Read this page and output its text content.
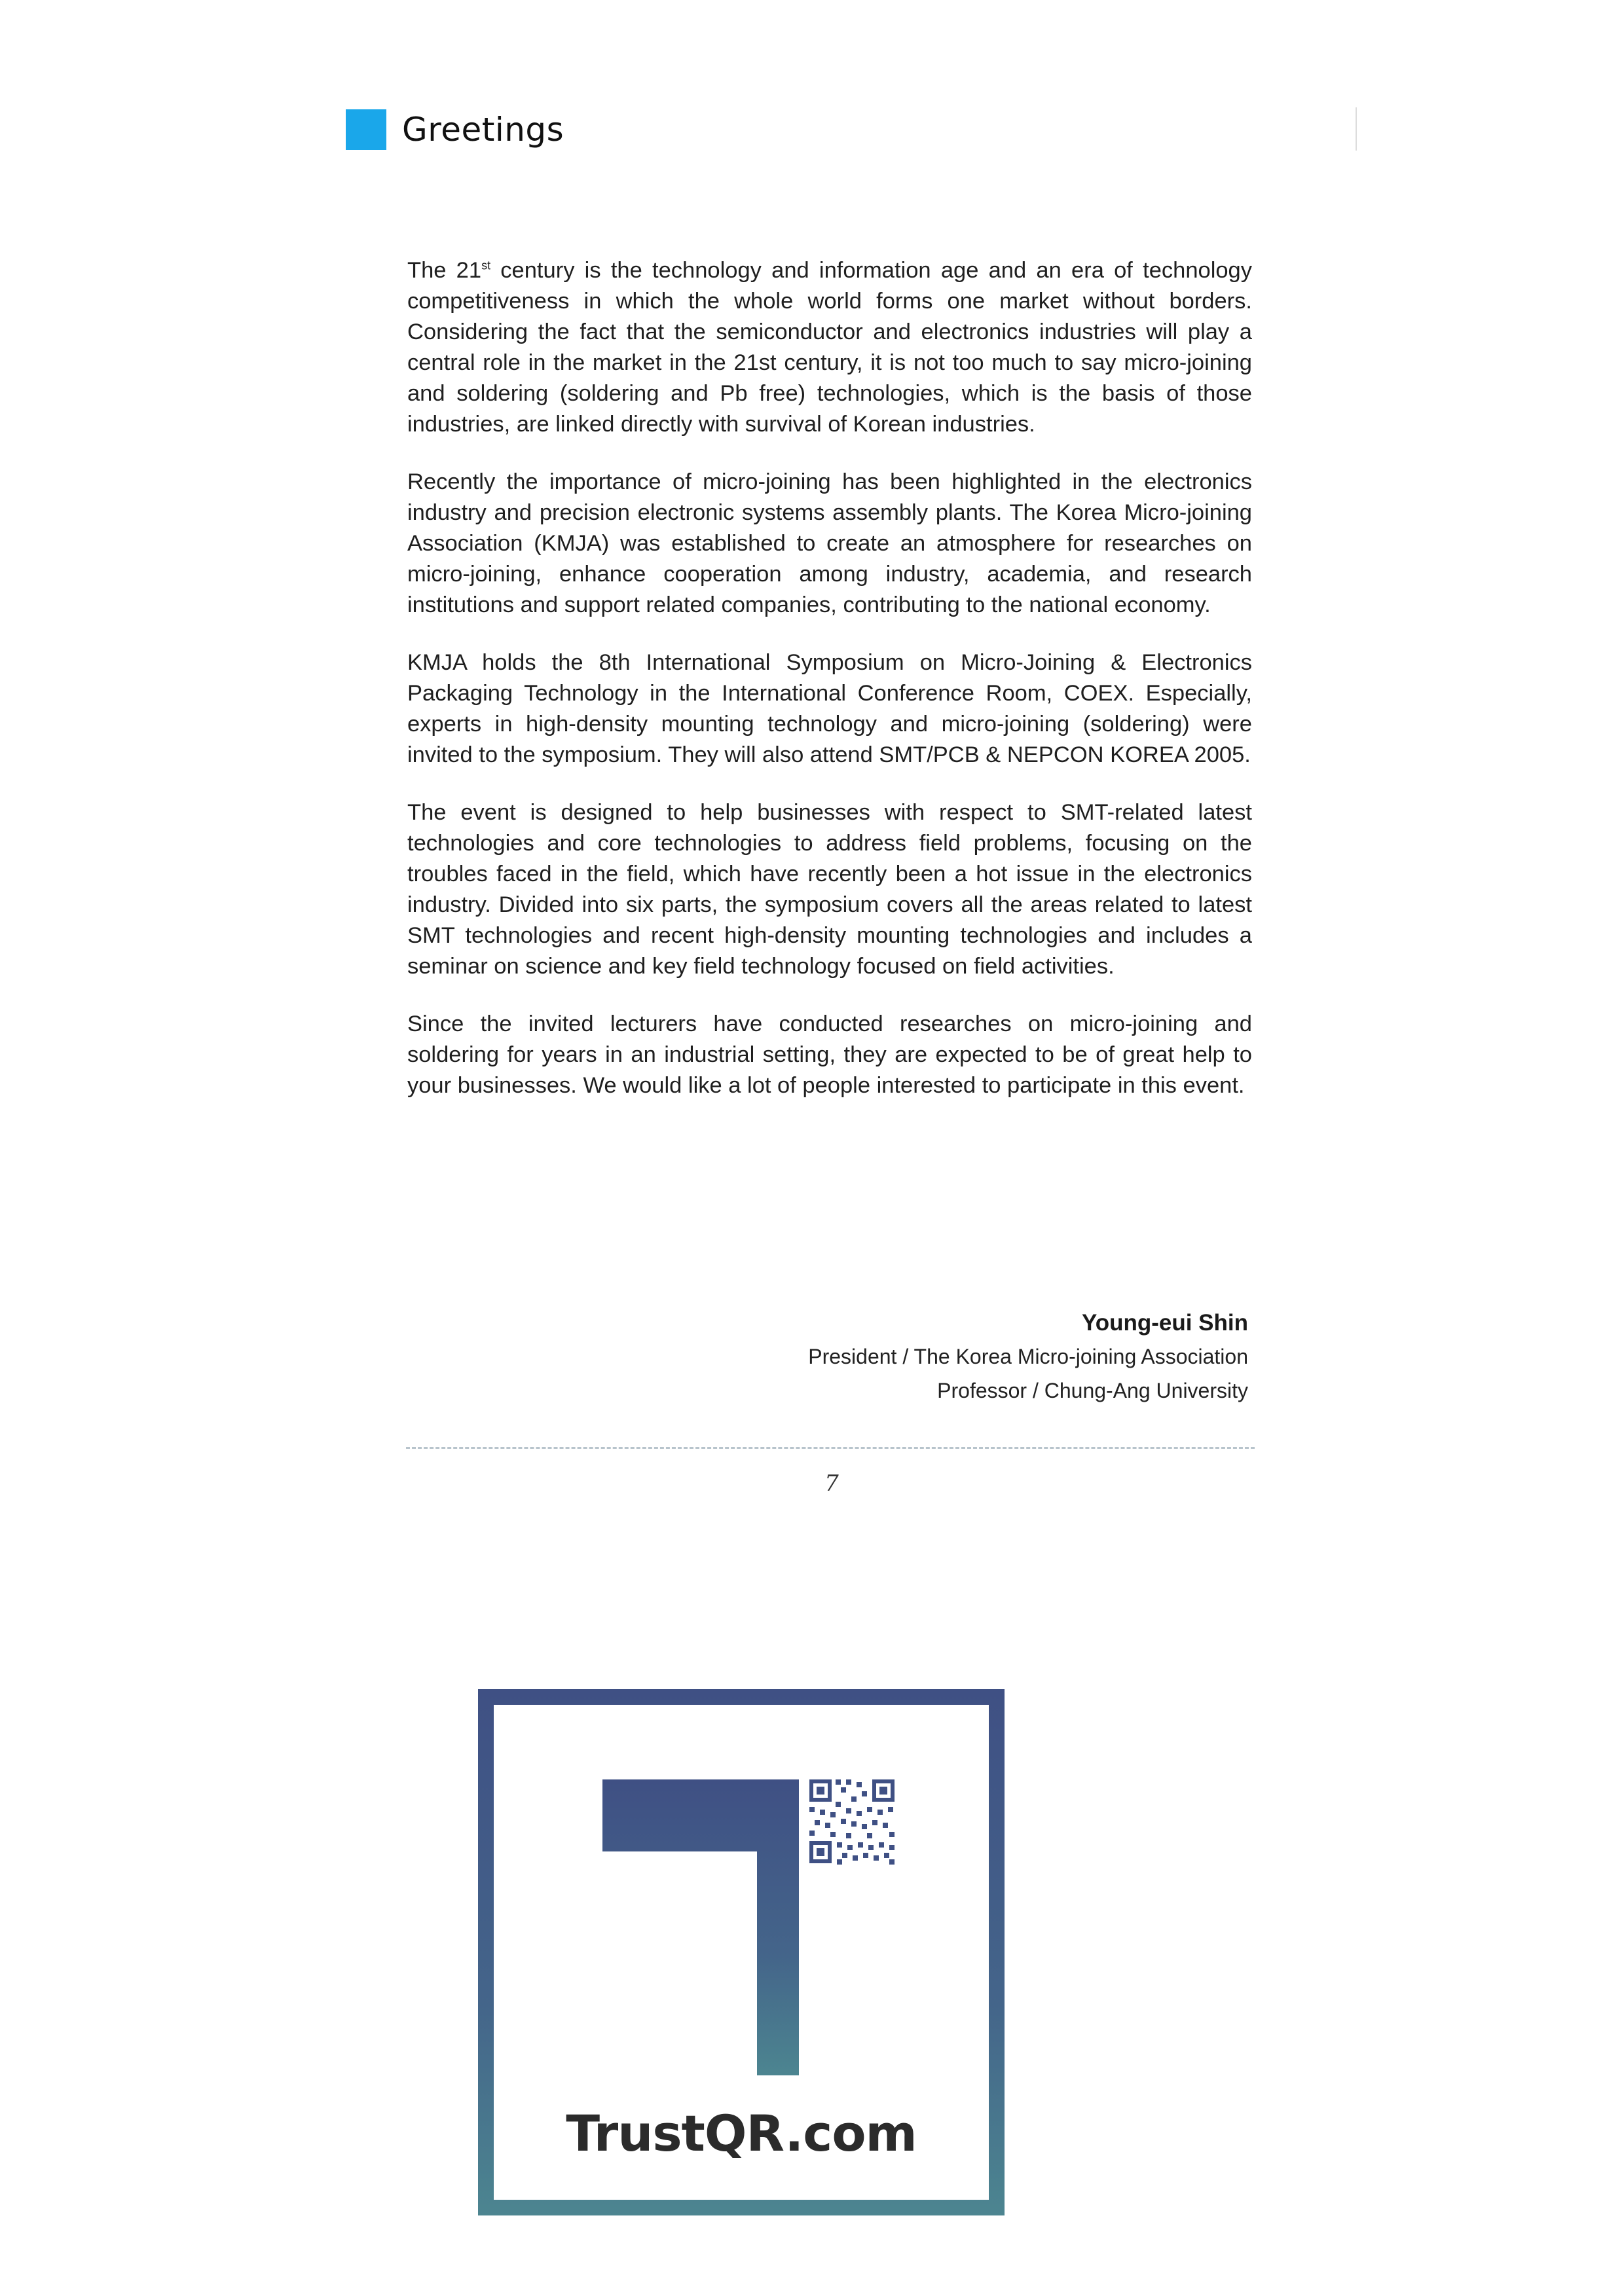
Greetings

The 21st century is the technology and information age and an era of technology competitiveness in which the whole world forms one market without borders. Considering the fact that the semiconductor and electronics industries will play a central role in the market in the 21st century, it is not too much to say micro-joining and soldering (soldering and Pb free) technologies, which is the basis of those industries, are linked directly with survival of Korean industries.

Recently the importance of micro-joining has been highlighted in the electronics industry and precision electronic systems assembly plants. The Korea Micro-joining Association (KMJA) was established to create an atmosphere for researches on micro-joining, enhance cooperation among industry, academia, and research institutions and support related companies, contributing to the national economy.

KMJA holds the 8th International Symposium on Micro-Joining & Electronics Packaging Technology in the International Conference Room, COEX. Especially, experts in high-density mounting technology and micro-joining (soldering) were invited to the symposium. They will also attend SMT/PCB & NEPCON KOREA 2005.

The event is designed to help businesses with respect to SMT-related latest technologies and core technologies to address field problems, focusing on the troubles faced in the field, which have recently been a hot issue in the electronics industry. Divided into six parts, the symposium covers all the areas related to latest SMT technologies and recent high-density mounting technologies and includes a seminar on science and key field technology focused on field activities.

Since the invited lecturers have conducted researches on micro-joining and soldering for years in an industrial setting, they are expected to be of great help to your businesses. We would like a lot of people interested to participate in this event.

Young-eui Shin
President / The Korea Micro-joining Association
Professor / Chung-Ang University
7
TrustQR.com
